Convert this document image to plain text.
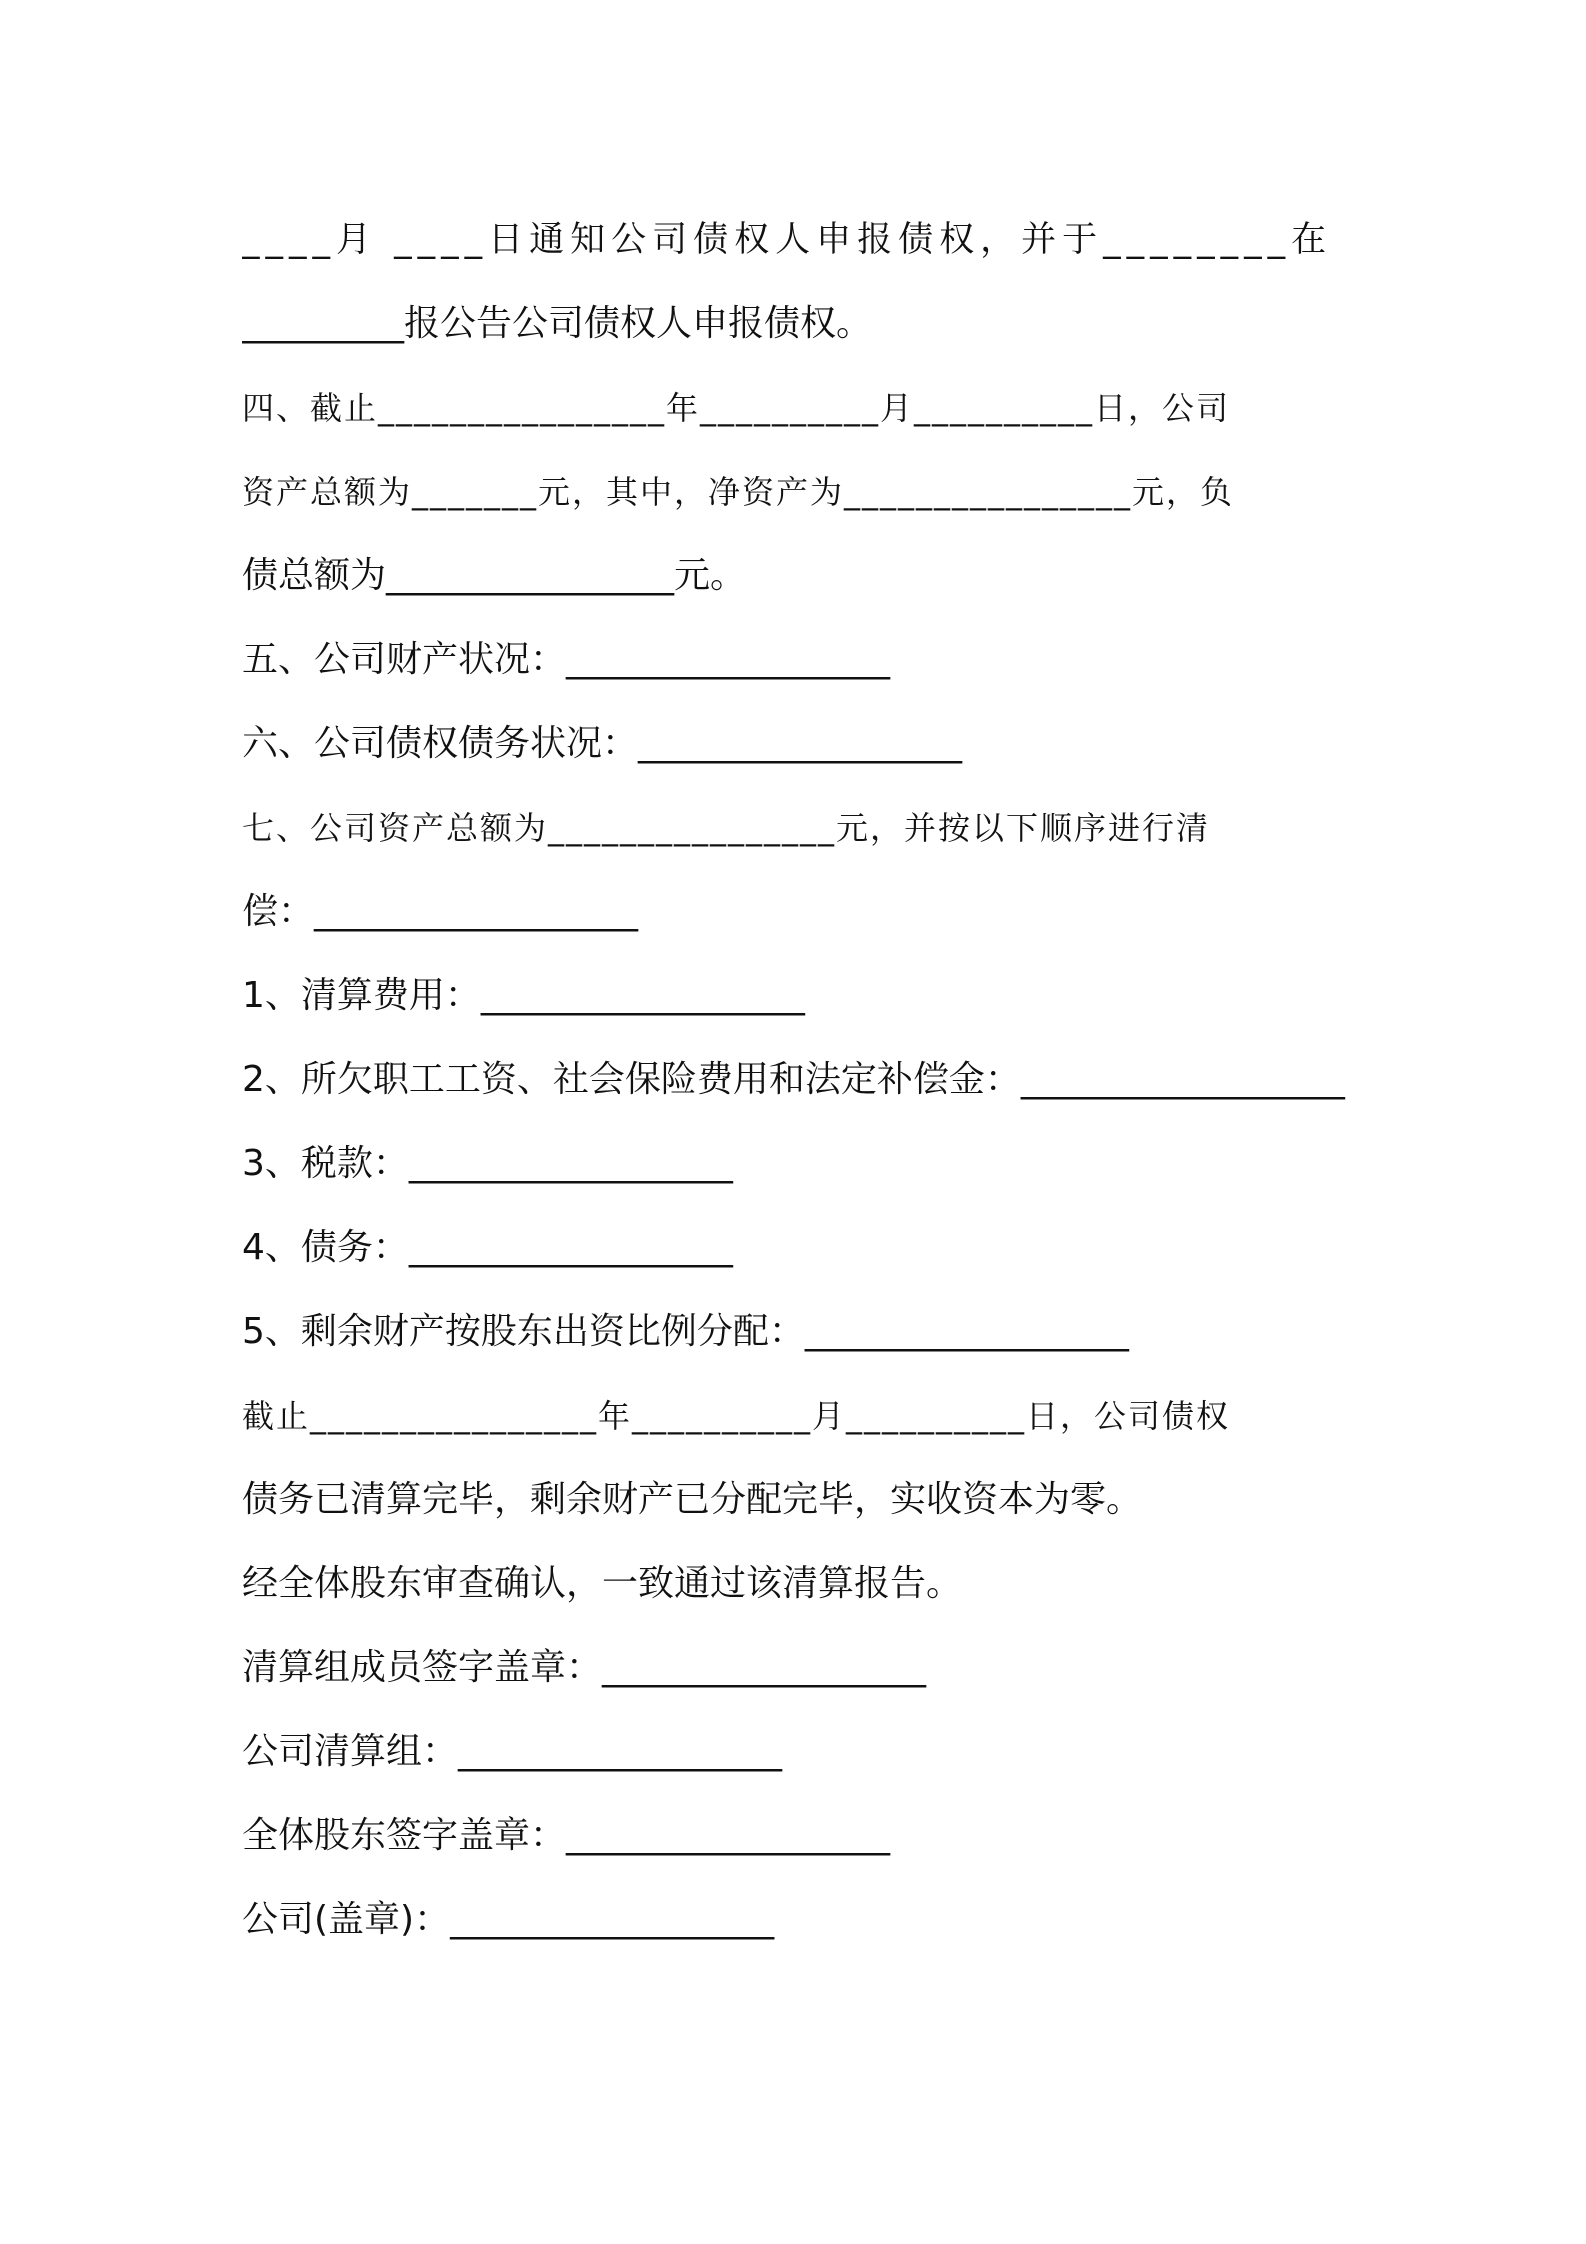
____月 ____日通知公司债权人申报债权，并于________在
_________报公告公司债权人申报债权。
四、截止________________年__________月__________日，公司
资产总额为_______元，其中，净资产为________________元，负
债总额为________________元。
五、公司财产状况：__________________
六、公司债权债务状况：__________________
七、公司资产总额为________________元，并按以下顺序进行清
偿：__________________
1、清算费用：__________________
2、所欠职工工资、社会保险费用和法定补偿金：__________________
3、税款：__________________
4、债务：__________________
5、剩余财产按股东出资比例分配：__________________
截止________________年__________月__________日，公司债权
债务已清算完毕，剩余财产已分配完毕，实收资本为零。
经全体股东审查确认，一致通过该清算报告。
清算组成员签字盖章：__________________
公司清算组：__________________
全体股东签字盖章：__________________
公司(盖章)：__________________
